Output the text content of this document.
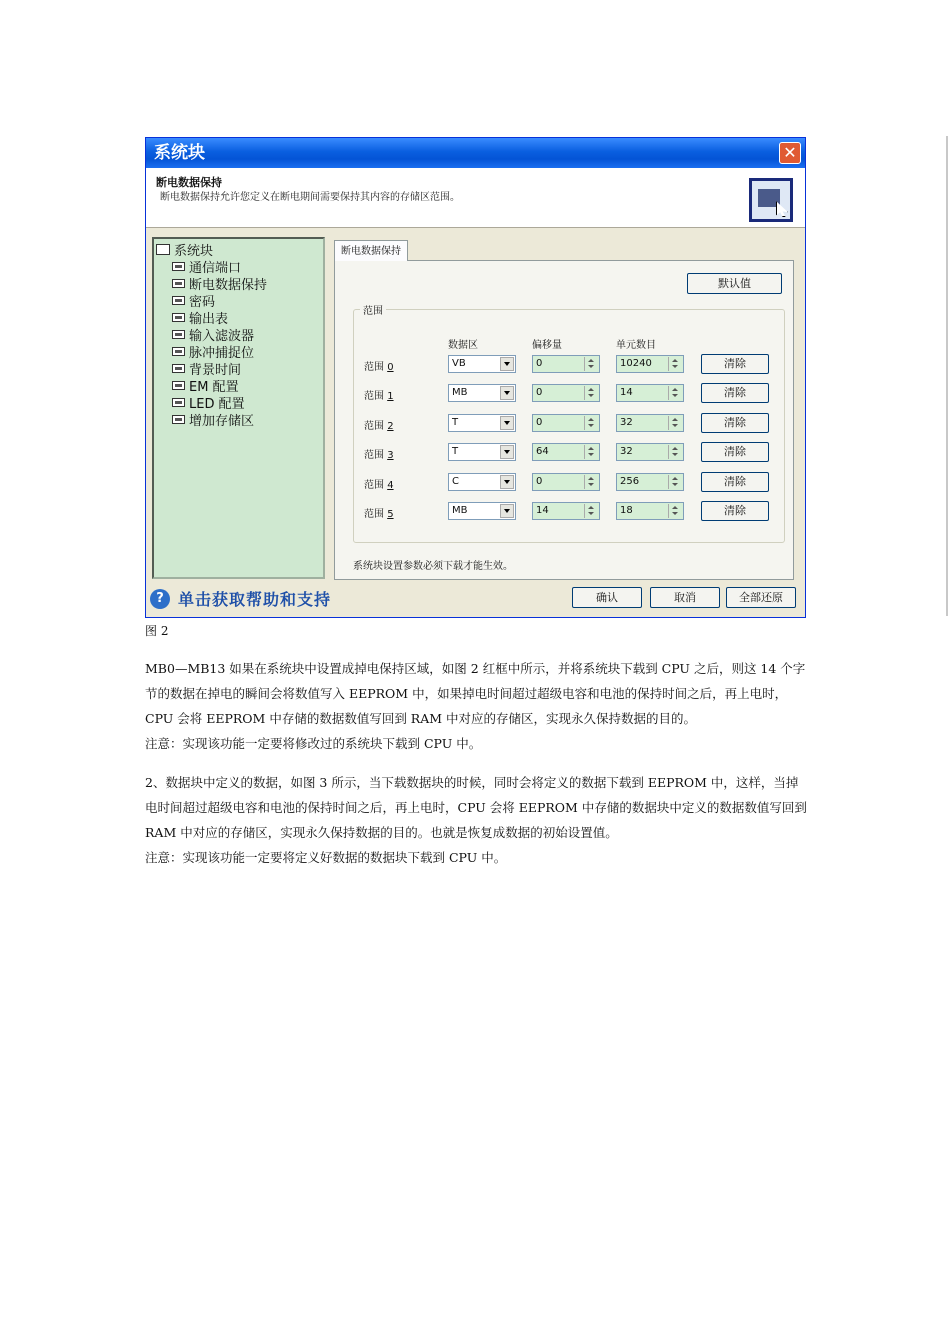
系统块	✕
断电数据保持
断电数据保持允许您定义在断电期间需要保持其内容的存储区范围。
系统块
通信端口
断电数据保持
密码
输出表
输入滤波器
脉冲捕捉位
背景时间
EM 配置
LED 配置
增加存储区
断电数据保持
默认值
范围
数据区	偏移量	单元数目
范围 0	VB	0	10240	清除
范围 1	MB	0	14	清除
范围 2	T	0	32	清除
范围 3	T	64	32	清除
范围 4	C	0	256	清除
范围 5	MB	14	18	清除
系统块设置参数必须下载才能生效。
? 单击获取帮助和支持	确认	取消	全部还原
图 2

MB0—MB13 如果在系统块中设置成掉电保持区域，如图 2 红框中所示，并将系统块下载到 CPU 之后，则这 14 个字节的数据在掉电的瞬间会将数值写入 EEPROM 中，如果掉电时间超过超级电容和电池的保持时间之后，再上电时，CPU 会将 EEPROM 中存储的数据数值写回到 RAM 中对应的存储区，实现永久保持数据的目的。

注意：实现该功能一定要将修改过的系统块下载到 CPU 中。

2、数据块中定义的数据，如图 3 所示，当下载数据块的时候，同时会将定义的数据下载到 EEPROM 中，这样，当掉电时间超过超级电容和电池的保持时间之后，再上电时，CPU 会将 EEPROM 中存储的数据块中定义的数据数值写回到 RAM 中对应的存储区，实现永久保持数据的目的。也就是恢复成数据的初始设置值。

注意：实现该功能一定要将定义好数据的数据块下载到 CPU 中。
